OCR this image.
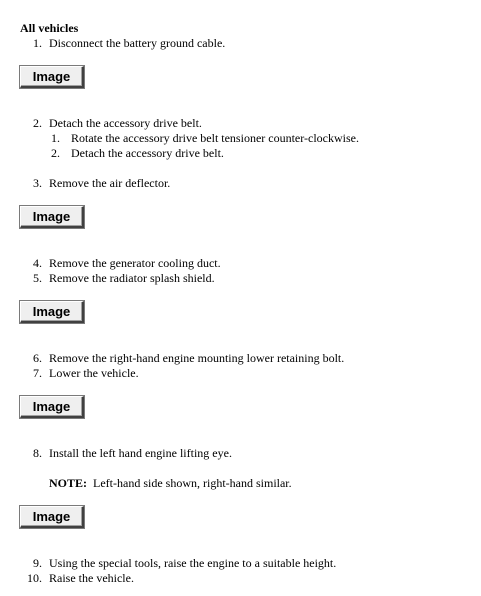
All vehicles
1. Disconnect the battery ground cable.
Image
2. Detach the accessory drive belt.
1. Rotate the accessory drive belt tensioner counter-clockwise.
2. Detach the accessory drive belt.
3. Remove the air deflector.
Image
4. Remove the generator cooling duct.
5. Remove the radiator splash shield.
Image
6. Remove the right-hand engine mounting lower retaining bolt.
7. Lower the vehicle.
Image
8. Install the left hand engine lifting eye.
NOTE: Left-hand side shown, right-hand similar.
Image
9. Using the special tools, raise the engine to a suitable height.
10. Raise the vehicle.
